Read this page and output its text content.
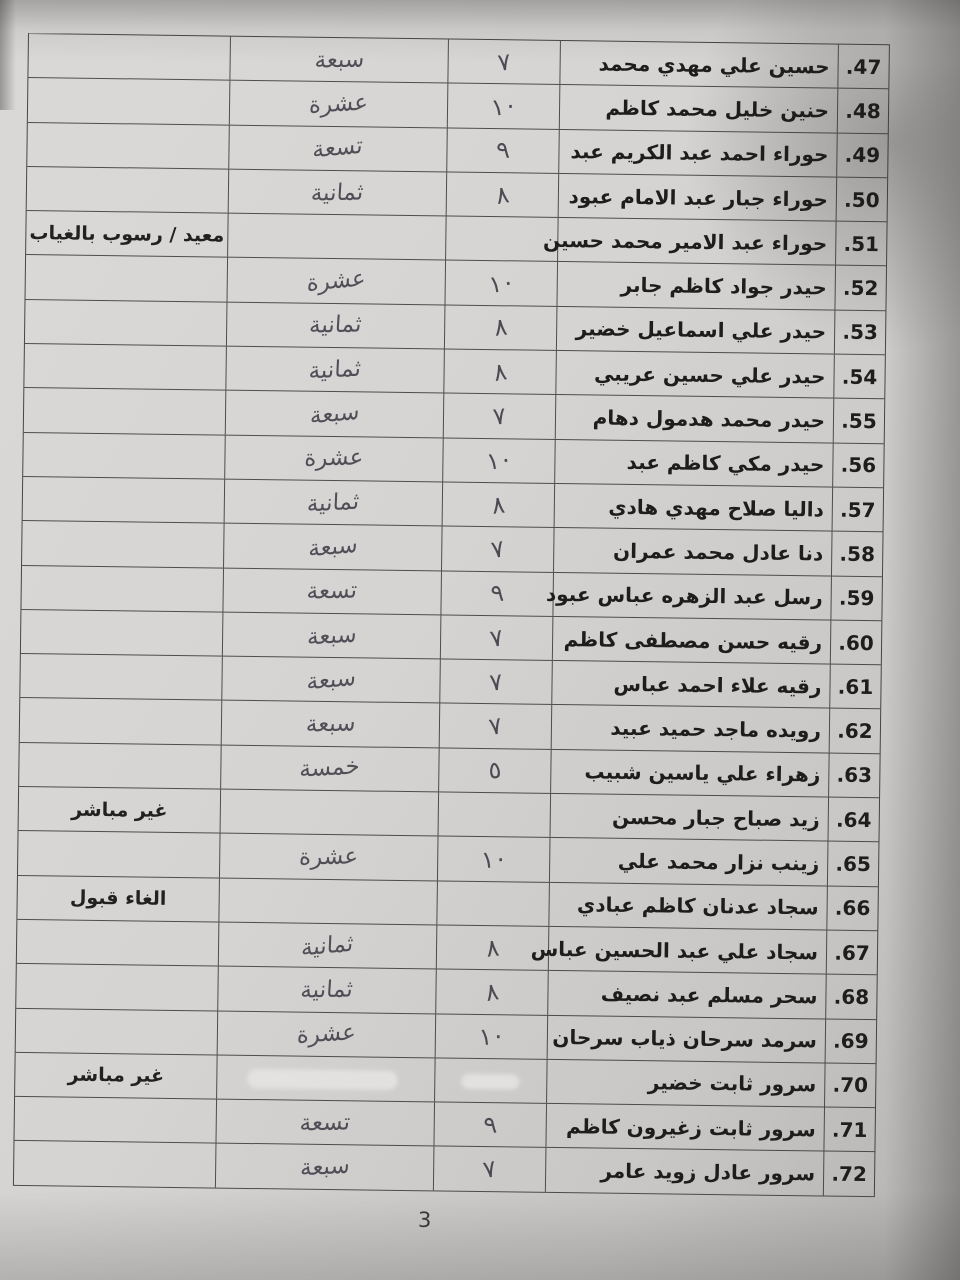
سبعة	٧	حسين علي مهدي محمد 47.
عشرة	١٠	حنين خليل محمد كاظم 48.
تسعة	٩	حوراء احمد عبد الكريم عبد 49.
ثمانية	٨	حوراء جبار عبد الامام عبود 50.
معيد / رسوب بالغياب	حوراء عبد الامير محمد حسين 51.
عشرة	١٠	حيدر جواد كاظم جابر 52.
ثمانية	٨	حيدر علي اسماعيل خضير 53.
ثمانية	٨	حيدر علي حسين عريبي 54.
سبعة	٧	حيدر محمد هدمول دهام 55.
عشرة	١٠	حيدر مكي كاظم عبد 56.
ثمانية	٨	داليا صلاح مهدي هادي 57.
سبعة	٧	دنا عادل محمد عمران 58.
تسعة	٩ رسل عبد الزهره عباس عبود 59.
سبعة	٧	رقيه حسن مصطفى كاظم 60.
سبعة	٧	رقيه علاء احمد عباس 61.
سبعة	٧	رويده ماجد حميد عبيد 62.
خمسة	٥	زهراء علي ياسين شبيب 63.
غير مباشر	زيد صباح جبار محسن 64.
عشرة	١٠	زينب نزار محمد علي 65.
الغاء قبول	سجاد عدنان كاظم عبادي 66.
ثمانية	٨ سجاد علي عبد الحسين عباس 67.
ثمانية	٨	سحر مسلم عبد نصيف 68.
عشرة	١٠ سرمد سرحان ذياب سرحان 69.
غير مباشر	سرور ثابت خضير 70.
تسعة	٩	سرور ثابت زغيرون كاظم 71.
سبعة	٧	سرور عادل زويد عامر 72.
3
